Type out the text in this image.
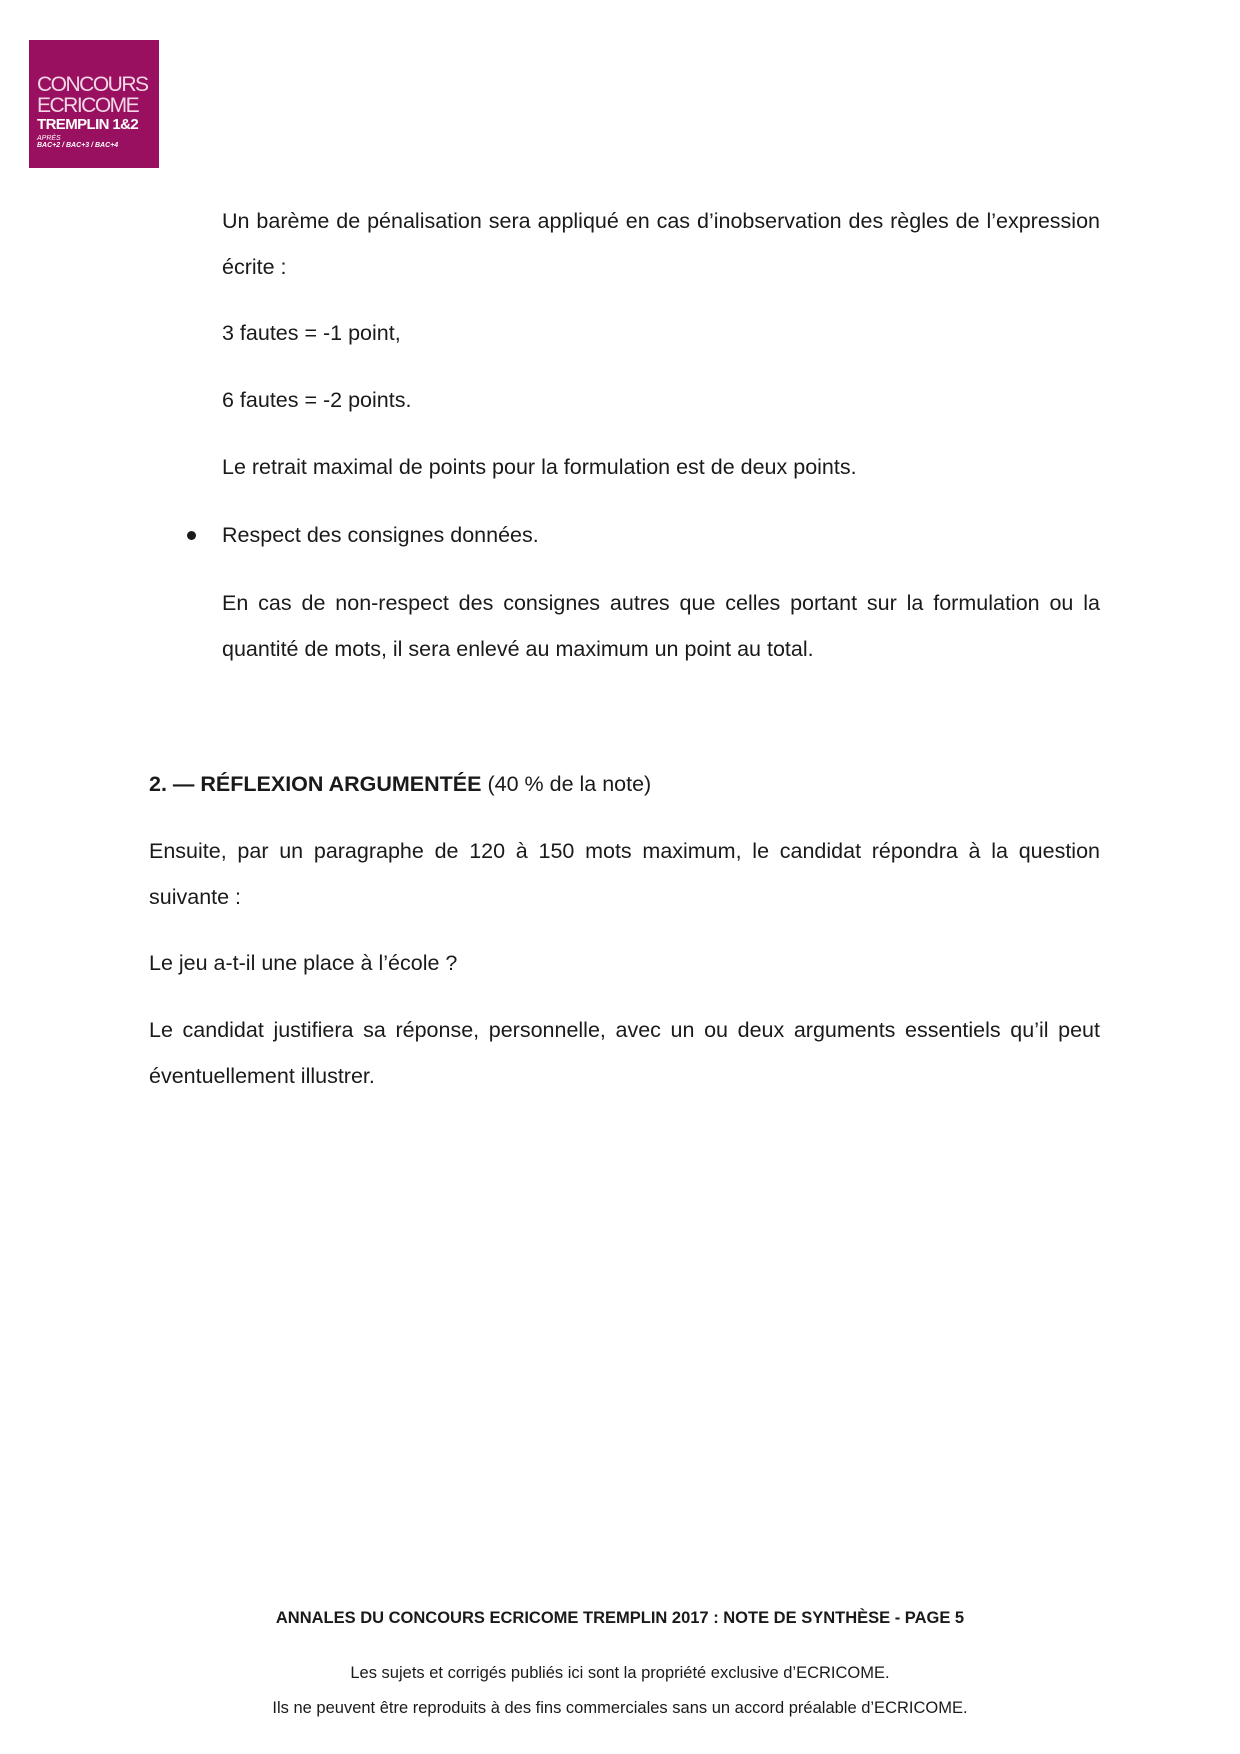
CONCOURS
ECRICOME
TREMPLIN 1&2
APRÈS
BAC+2 / BAC+3 / BAC+4

Un barème de pénalisation sera appliqué en cas d’inobservation des règles de l’expression écrite :

3 fautes = -1 point,

6 fautes = -2 points.

Le retrait maximal de points pour la formulation est de deux points.

Respect des consignes données.

En cas de non-respect des consignes autres que celles portant sur la formulation ou la quantité de mots, il sera enlevé au maximum un point au total.

2. — RÉFLEXION ARGUMENTÉE (40 % de la note)

Ensuite, par un paragraphe de 120 à 150 mots maximum, le candidat répondra à la question suivante :

Le jeu a-t-il une place à l’école ?

Le candidat justifiera sa réponse, personnelle, avec un ou deux arguments essentiels qu’il peut éventuellement illustrer.

ANNALES DU CONCOURS ECRICOME TREMPLIN 2017 : NOTE DE SYNTHÈSE - PAGE 5

Les sujets et corrigés publiés ici sont la propriété exclusive d’ECRICOME.

Ils ne peuvent être reproduits à des fins commerciales sans un accord préalable d’ECRICOME.
